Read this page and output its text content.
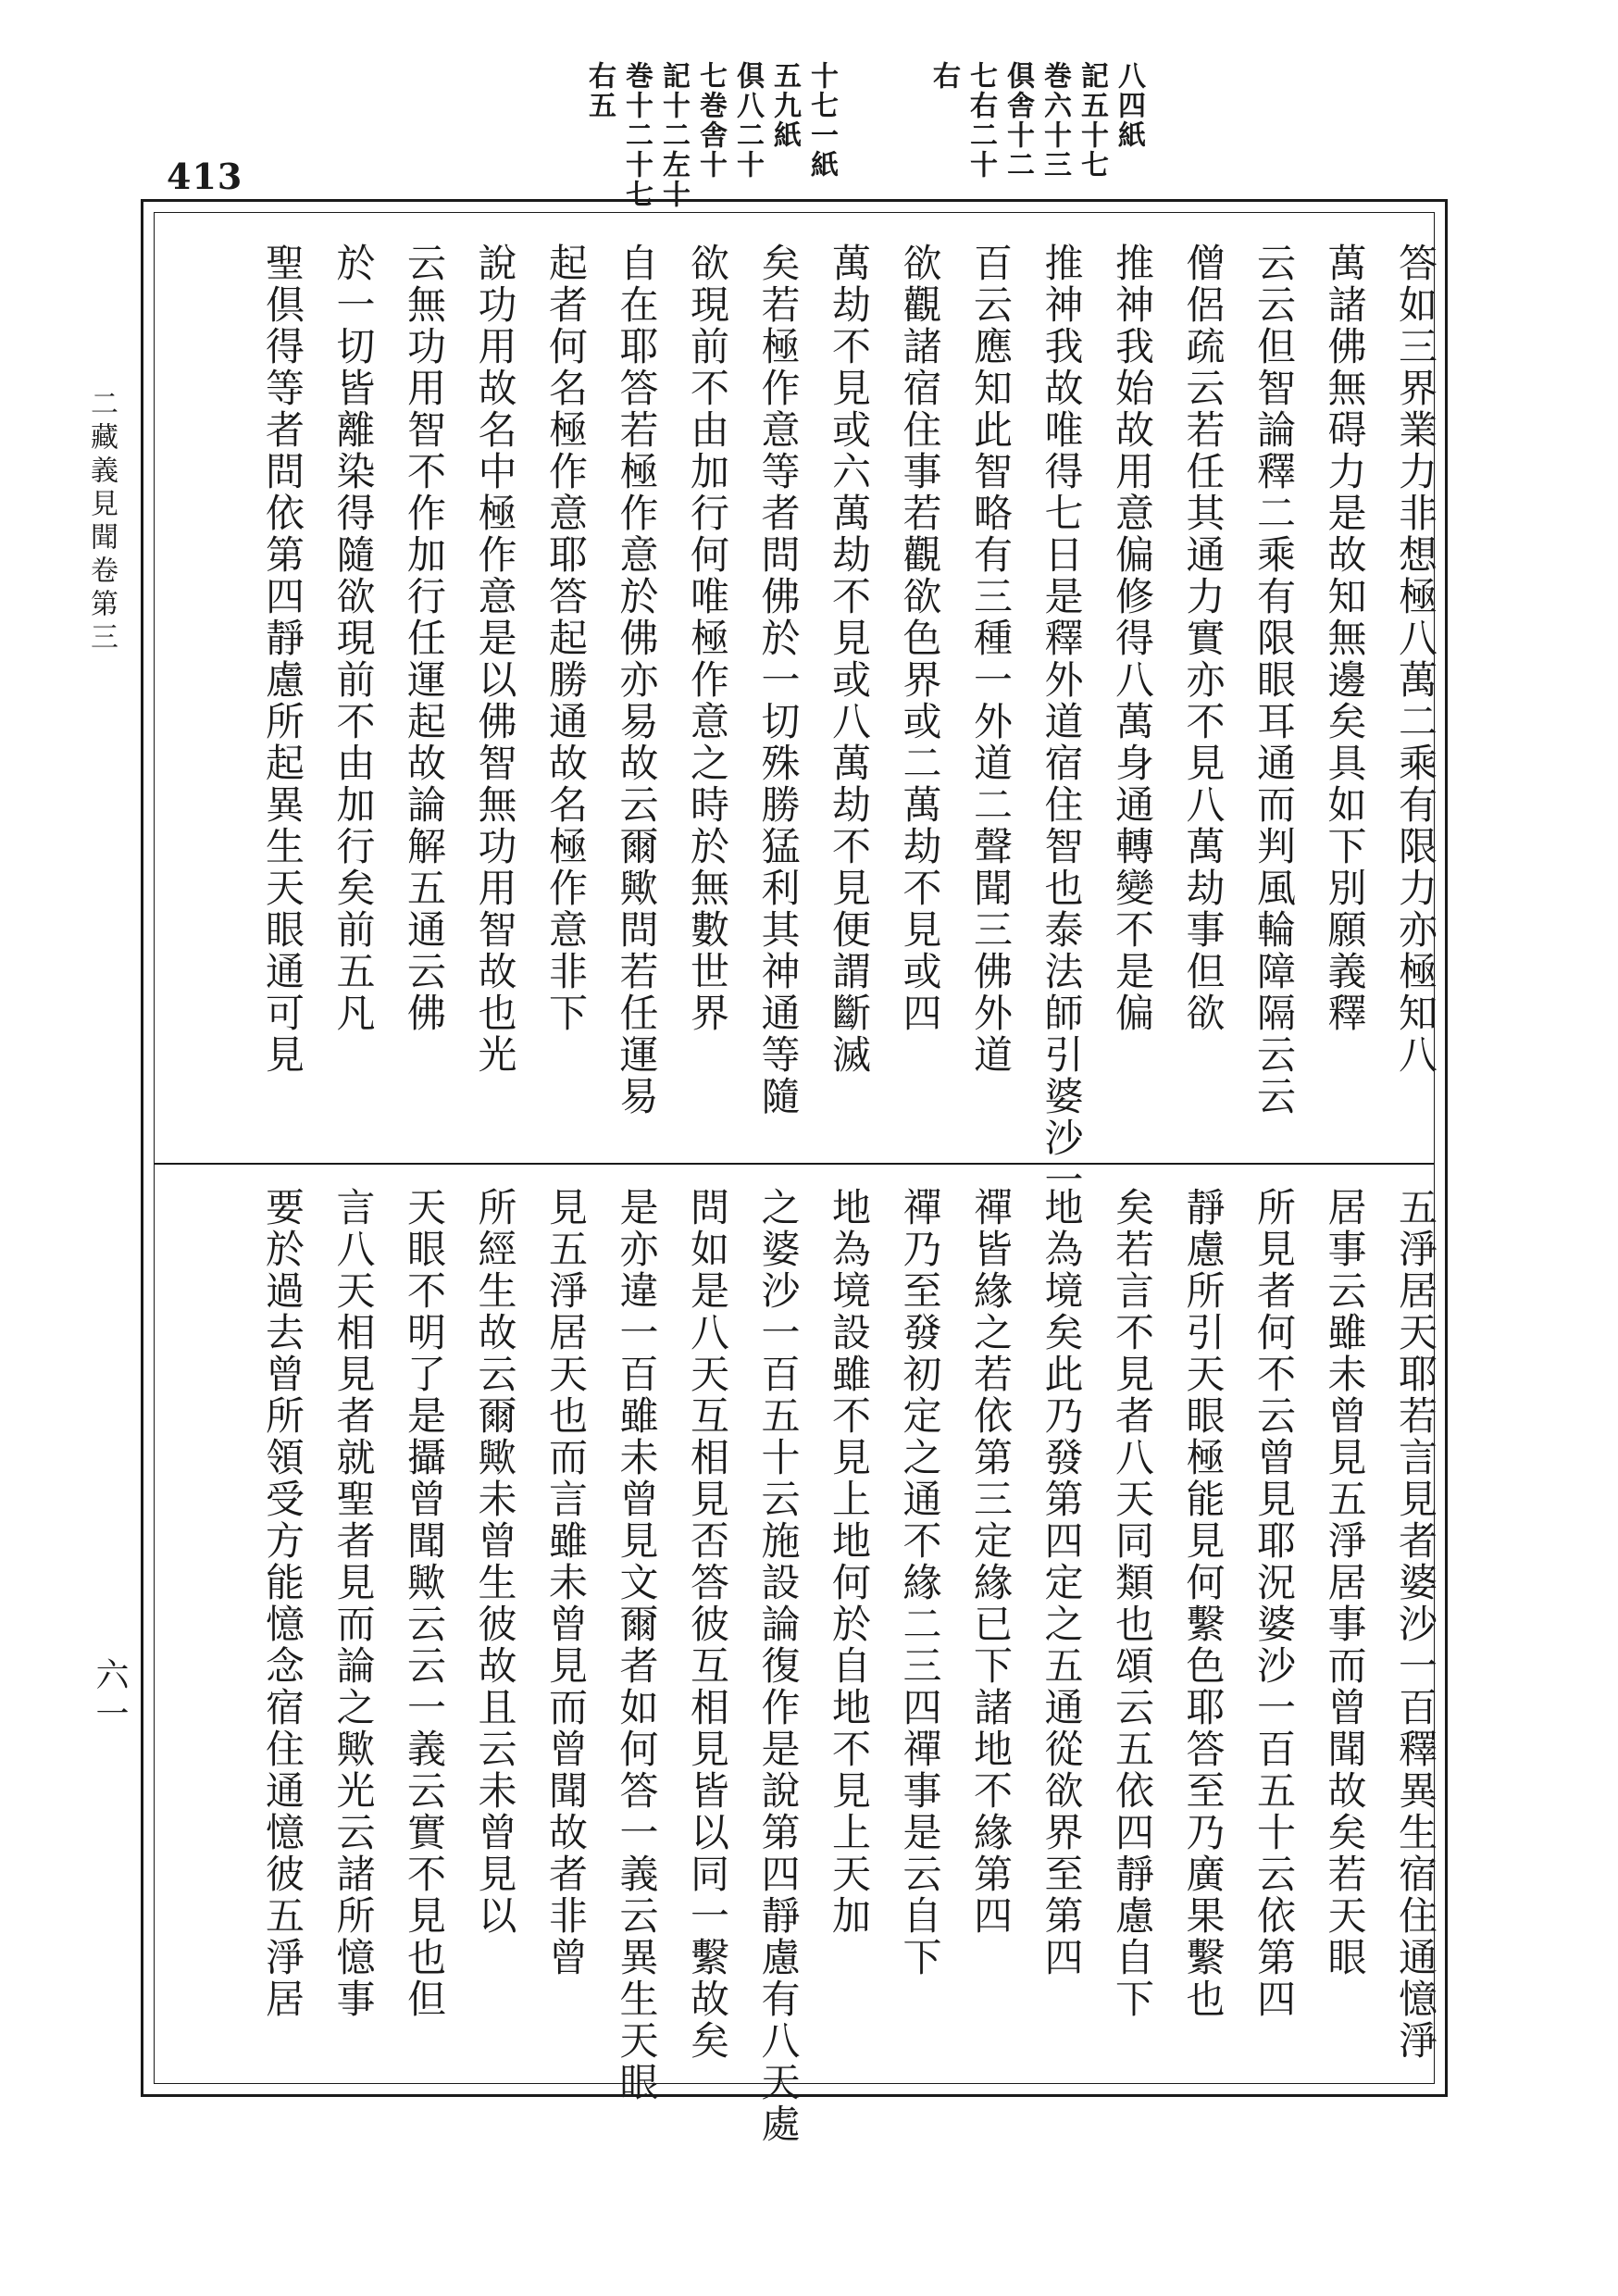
右 七右二十 倶舎十二 巻六十三 記五十七 八四紙
右五 巻十二十七 記十二左十 七巻舎十 倶八二十 五九紙 十七一紙
413
二藏義見聞卷第三
六一
答如三界業力非想極八萬二乘有限力亦極知八
萬諸佛無碍力是故知無邊矣具如下別願義釋
云云但智論釋二乘有限眼耳通而判風輪障隔云云
僧侶疏云若任其通力實亦不見八萬劫事但欲
推神我始故用意偏修得八萬身通轉變不是偏
推神我故唯得七日是釋外道宿住智也泰法師引婆沙一
百云應知此智略有三種一外道二聲聞三佛外道
欲觀諸宿住事若觀欲色界或二萬劫不見或四
萬劫不見或六萬劫不見或八萬劫不見便謂斷滅
矣若極作意等者問佛於一切殊勝猛利其神通等隨
欲現前不由加行何唯極作意之時於無數世界
自在耶答若極作意於佛亦易故云爾歟問若任運易
起者何名極作意耶答起勝通故名極作意非下
說功用故名中極作意是以佛智無功用智故也光
云無功用智不作加行任運起故論解五通云佛
於一切皆離染得隨欲現前不由加行矣前五凡
聖倶得等者問依第四靜慮所起異生天眼通可見
五淨居天耶若言見者婆沙一百釋異生宿住通憶淨
居事云雖未曾見五淨居事而曾聞故矣若天眼
所見者何不云曾見耶況婆沙一百五十云依第四
靜慮所引天眼極能見何繫色耶答至乃廣果繫也
矣若言不見者八天同類也頌云五依四靜慮自下
地為境矣此乃發第四定之五通從欲界至第四
禪皆緣之若依第三定緣已下諸地不緣第四
禪乃至發初定之通不緣二三四禪事是云自下
地為境設雖不見上地何於自地不見上天加
之婆沙一百五十云施設論復作是說第四靜慮有八天處
問如是八天互相見否答彼互相見皆以同一繫故矣
是亦違一百雖未曾見文爾者如何答一義云異生天眼
見五淨居天也而言雖未曾見而曾聞故者非曾
所經生故云爾歟未曾生彼故且云未曾見以
天眼不明了是攝曾聞歟云云一義云實不見也但
言八天相見者就聖者見而論之歟光云諸所憶事
要於過去曾所領受方能憶念宿住通憶彼五淨居
